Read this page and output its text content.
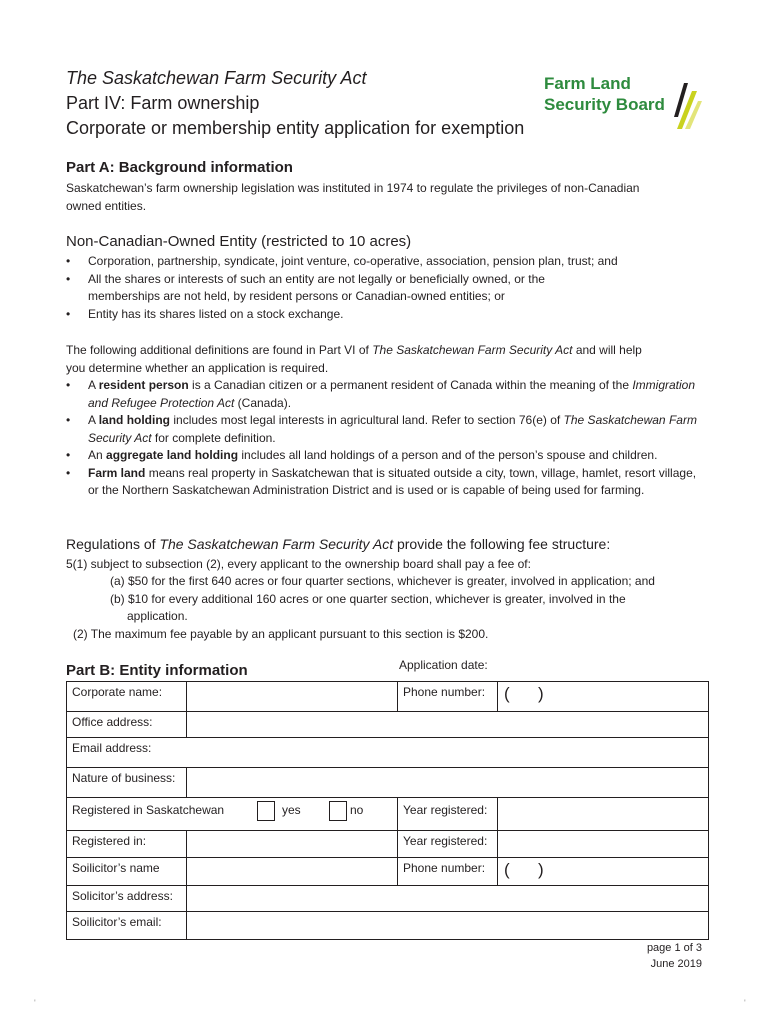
The Saskatchewan Farm Security Act
Part IV: Farm ownership
Corporate or membership entity application for exemption
Farm Land
Security Board
Part A: Background information
Saskatchewan’s farm ownership legislation was instituted in 1974 to regulate the privileges of non-Canadian
owned entities.
Non-Canadian-Owned Entity (restricted to 10 acres)
• Corporation, partnership, syndicate, joint venture, co-operative, association, pension plan, trust; and
• All the shares or interests of such an entity are not legally or beneficially owned, or the memberships are not held, by resident persons or Canadian-owned entities; or
• Entity has its shares listed on a stock exchange.
The following additional definitions are found in Part VI of The Saskatchewan Farm Security Act and will help you determine whether an application is required.
• A resident person is a Canadian citizen or a permanent resident of Canada within the meaning of the Immigration and Refugee Protection Act (Canada).
• A land holding includes most legal interests in agricultural land. Refer to section 76(e) of The Saskatchewan Farm Security Act for complete definition.
• An aggregate land holding includes all land holdings of a person and of the person’s spouse and children.
• Farm land means real property in Saskatchewan that is situated outside a city, town, village, hamlet, resort village, or the Northern Saskatchewan Administration District and is used or is capable of being used for farming.
Regulations of The Saskatchewan Farm Security Act provide the following fee structure:
5(1) subject to subsection (2), every applicant to the ownership board shall pay a fee of:
(a) $50 for the first 640 acres or four quarter sections, whichever is greater, involved in application; and
(b) $10 for every additional 160 acres or one quarter section, whichever is greater, involved in the
application.
(2) The maximum fee payable by an applicant pursuant to this section is $200.
Part B: Entity information	Application date:
Corporate name:	Phone number: ( )
Office address:
Email address:
Nature of business:
Registered in Saskatchewan	yes	no	Year registered:
Registered in:	Year registered:
Soilicitor’s name	Phone number: ( )
Solicitor’s address:
Soilicitor’s email:
page 1 of 3
June 2019
'	'
